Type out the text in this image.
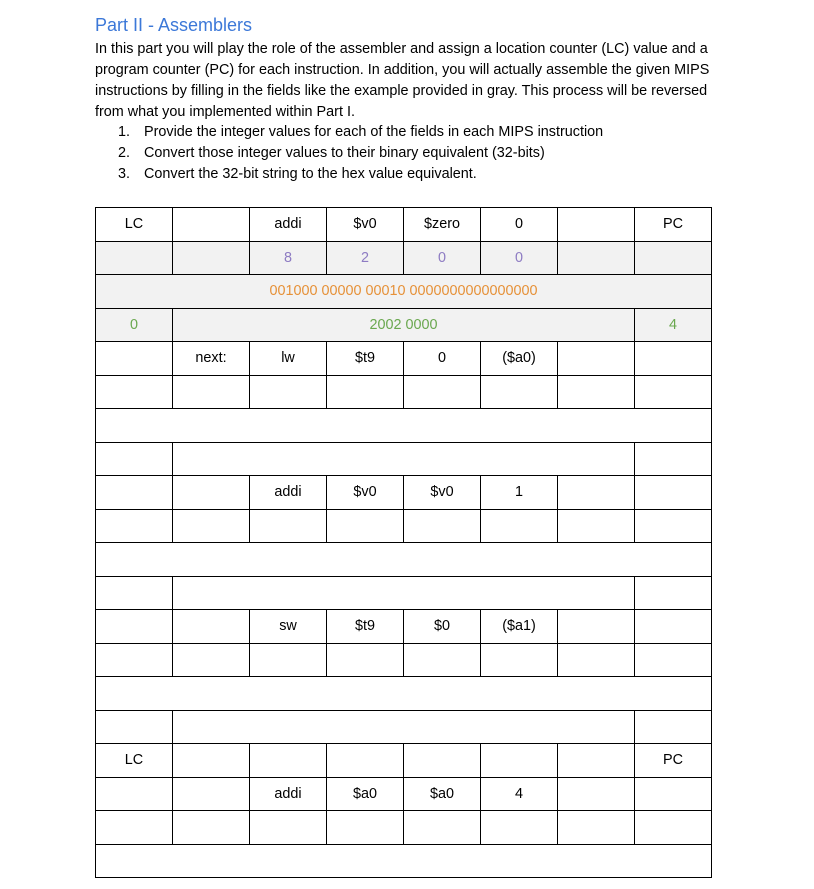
Part II - Assemblers

In this part you will play the role of the assembler and assign a location counter (LC) value and a program counter (PC) for each instruction. In addition, you will actually assemble the given MIPS instructions by filling in the fields like the example provided in gray. This process will be reversed from what you implemented within Part I.

1. Provide the integer values for each of the fields in each MIPS instruction
2. Convert those integer values to their binary equivalent (32-bits)
3. Convert the 32-bit string to the hex value equivalent.
LC		addi	$v0	$zero	0		PC
		8	2	0	0		
001000 00000 00010 0000000000000000							
0	2002 0000						4
	next:	lw	$t9	0	($a0)		

		addi	$v0	$v0	1		

		sw	$t9	$0	($a1)		

LC							PC
		addi	$a0	$a0	4		
